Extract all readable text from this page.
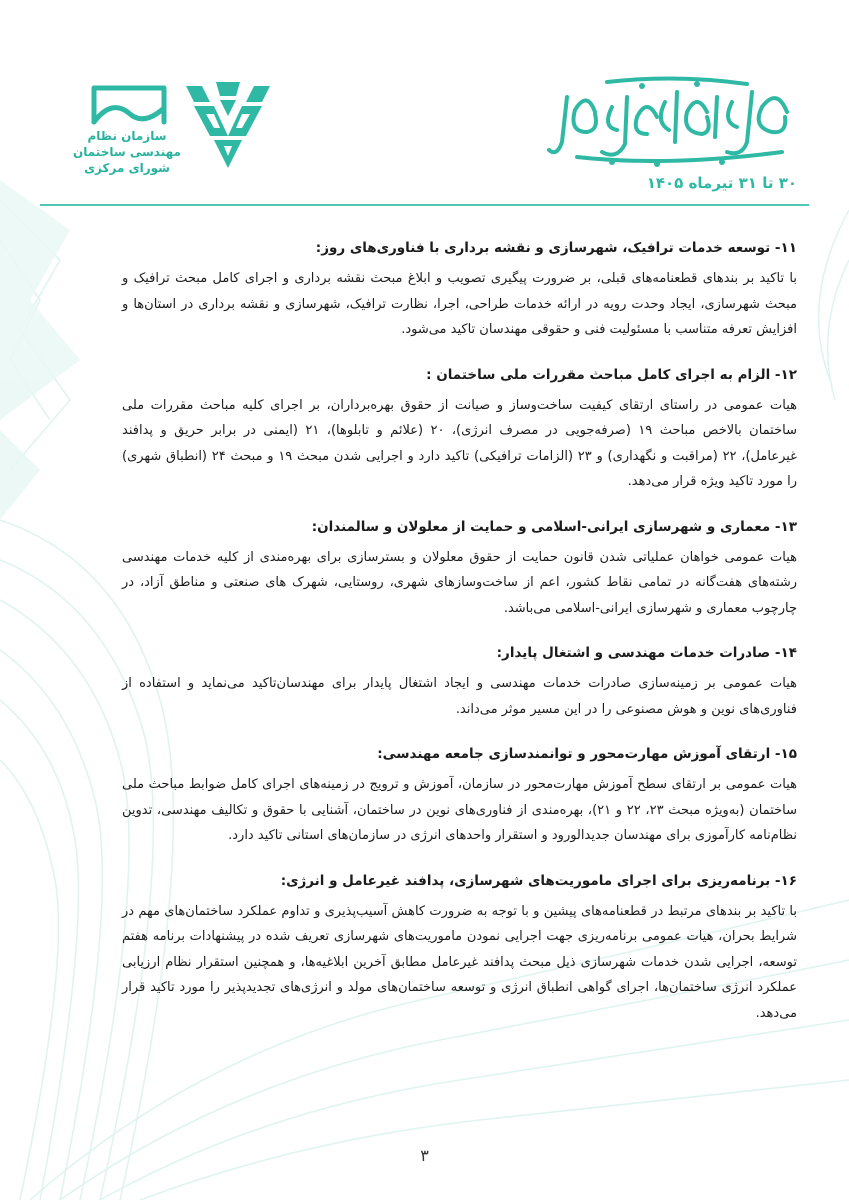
۳۰ تا ۳۱ تیرماه ۱۴۰۵
سازمان نظام مهندسی ساختمان
شورای مرکزی
۱۱- توسعه خدمات ترافیک، شهرسازی و نقشه برداری با فناوری‌های روز:

با تاکید بر بندهای قطعنامه‌های قبلی، بر ضرورت پیگیری تصویب و ابلاغ مبحث نقشه برداری و اجرای کامل مبحث ترافیک و مبحث شهرسازی، ایجاد وحدت رویه در ارائه خدمات طراحی، اجرا، نظارت ترافیک، شهرسازی و نقشه برداری در استان‌ها و افزایش تعرفه متناسب با مسئولیت فنی و حقوقی مهندسان تاکید می‌شود.

۱۲- الزام به اجرای کامل مباحث مقررات ملی ساختمان :

هیات عمومی در راستای ارتقای کیفیت ساخت‌وساز و صیانت از حقوق بهره‌برداران، بر اجرای کلیه مباحث مقررات ملی ساختمان بالاخص مباحث ۱۹ (صرفه‌جویی در مصرف انرژی)، ۲۰ (علائم و تابلوها)، ۲۱ (ایمنی در برابر حریق و پدافند غیرعامل)، ۲۲ (مراقبت و نگهداری) و ۲۳ (الزامات ترافیکی) تاکید دارد و اجرایی شدن مبحث ۱۹ و مبحث ۲۴ (انطباق شهری) را مورد تاکید ویژه قرار می‌دهد.

۱۳- معماری و شهرسازی ایرانی-اسلامی و حمایت از معلولان و سالمندان:

هیات عمومی خواهان عملیاتی شدن قانون حمایت از حقوق معلولان و بسترسازی برای بهره‌مندی از کلیه خدمات مهندسی رشته‌های هفت‌گانه در تمامی نقاط کشور، اعم از ساخت‌وسازهای شهری، روستایی، شهرک های صنعتی و مناطق آزاد، در چارچوب معماری و شهرسازی ایرانی-اسلامی می‌باشد.

۱۴- صادرات خدمات مهندسی و اشتغال پایدار:

هیات عمومی بر زمینه‌سازی صادرات خدمات مهندسی و ایجاد اشتغال پایدار برای مهندسان‌تاکید می‌نماید و استفاده از فناوری‌های نوین و هوش مصنوعی را در این مسیر موثر می‌داند.

۱۵- ارتقای آموزش مهارت‌محور و توانمندسازی جامعه مهندسی:

هیات عمومی بر ارتقای سطح آموزش مهارت‌محور در سازمان، آموزش و ترویج در زمینه‌های اجرای کامل ضوابط مباحث ملی ساختمان (به‌ویژه مبحث ۲۳، ۲۲ و ۲۱)، بهره‌مندی از فناوری‌های نوین در ساختمان، آشنایی با حقوق و تکالیف مهندسی، تدوین نظام‌نامه کارآموزی برای مهندسان جدیدالورود و استقرار واحدهای انرژی در سازمان‌های استانی تاکید دارد.

۱۶- برنامه‌ریزی برای اجرای ماموریت‌های شهرسازی، پدافند غیرعامل و انرژی:

با تاکید بر بندهای مرتبط در قطعنامه‌های پیشین و با توجه به ضرورت کاهش آسیب‌پذیری و تداوم عملکرد ساختمان‌های مهم در شرایط بحران، هیات عمومی برنامه‌ریزی جهت اجرایی نمودن ماموریت‌های شهرسازی تعریف شده در پیشنهادات برنامه هفتم توسعه، اجرایی شدن خدمات شهرسازی ذیل مبحث پدافند غیرعامل مطابق آخرین ابلاغیه‌ها، و همچنین استقرار نظام ارزیابی عملکرد انرژی ساختمان‌ها، اجرای گواهی انطباق انرژی و توسعه ساختمان‌های مولد و انرژی‌های تجدیدپذیر را مورد تاکید قرار می‌دهد.

۳
